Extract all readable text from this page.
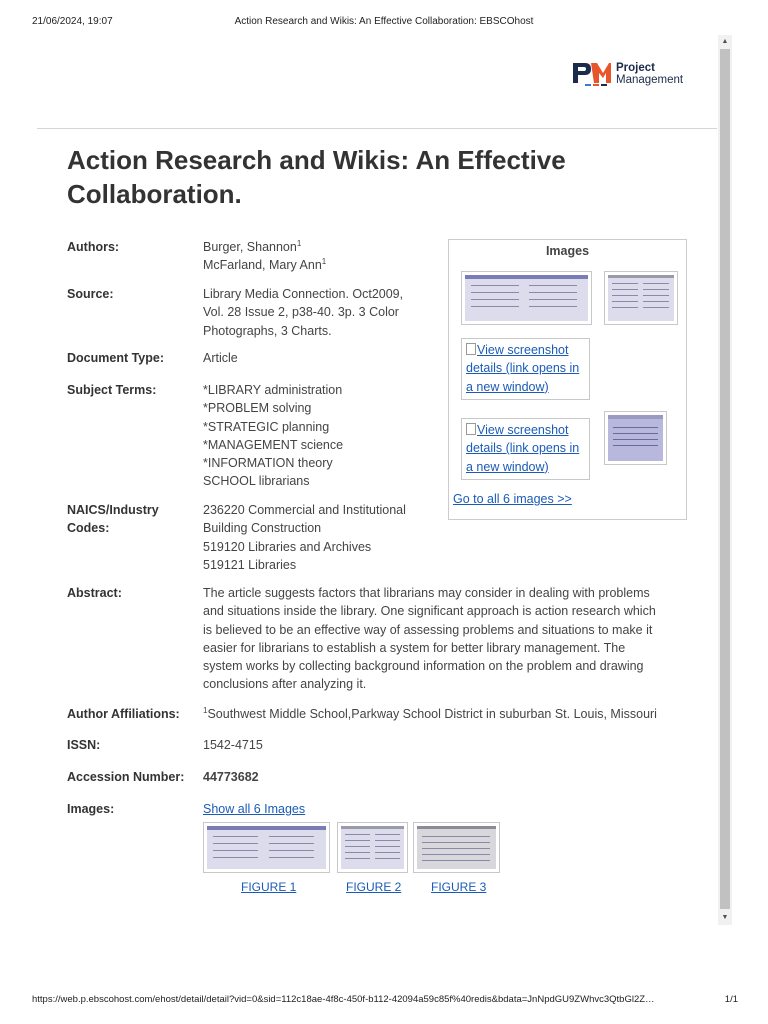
21/06/2024, 19:07	Action Research and Wikis: An Effective Collaboration: EBSCOhost
▲
▼
Project
Management
Action Research and Wikis: An Effective Collaboration.
Authors:	Burger, Shannon$^1$
McFarland, Mary Ann$^1$
Source:	Library Media Connection. Oct2009,
Vol. 28 Issue 2, p38-40. 3p. 3 Color
Photographs, 3 Charts.
Document Type:	Article
Subject Terms:	*LIBRARY administration
*PROBLEM solving
*STRATEGIC planning
*MANAGEMENT science
*INFORMATION theory
SCHOOL librarians
NAICS/Industry Codes:
236220 Commercial and Institutional
Building Construction
519120 Libraries and Archives
519121 Libraries
Abstract:	The article suggests factors that librarians may consider in dealing with problems
and situations inside the library. One significant approach is action research which
is believed to be an effective way of assessing problems and situations to make it
easier for librarians to establish a system for better library management. The
system works by collecting background information on the problem and drawing
conclusions after analyzing it.
Author Affiliations:	$^1$Southwest Middle School,Parkway School District in suburban St. Louis, Missouri
ISSN:	1542-4715
Accession Number:	44773682
Images:	Show all 6 Images
FIGURE 1	FIGURE 2 FIGURE 3
Images
View screenshot
details (link opens in
a new window)
View screenshot
details (link opens in
a new window)
Go to all 6 images >>
https://web.p.ebscohost.com/ehost/detail/detail?vid=0&sid=112c18ae-4f8c-450f-b112-42094a59c85f%40redis&bdata=JnNpdGU9ZWhvc3QtbGl2Z…	1/1
